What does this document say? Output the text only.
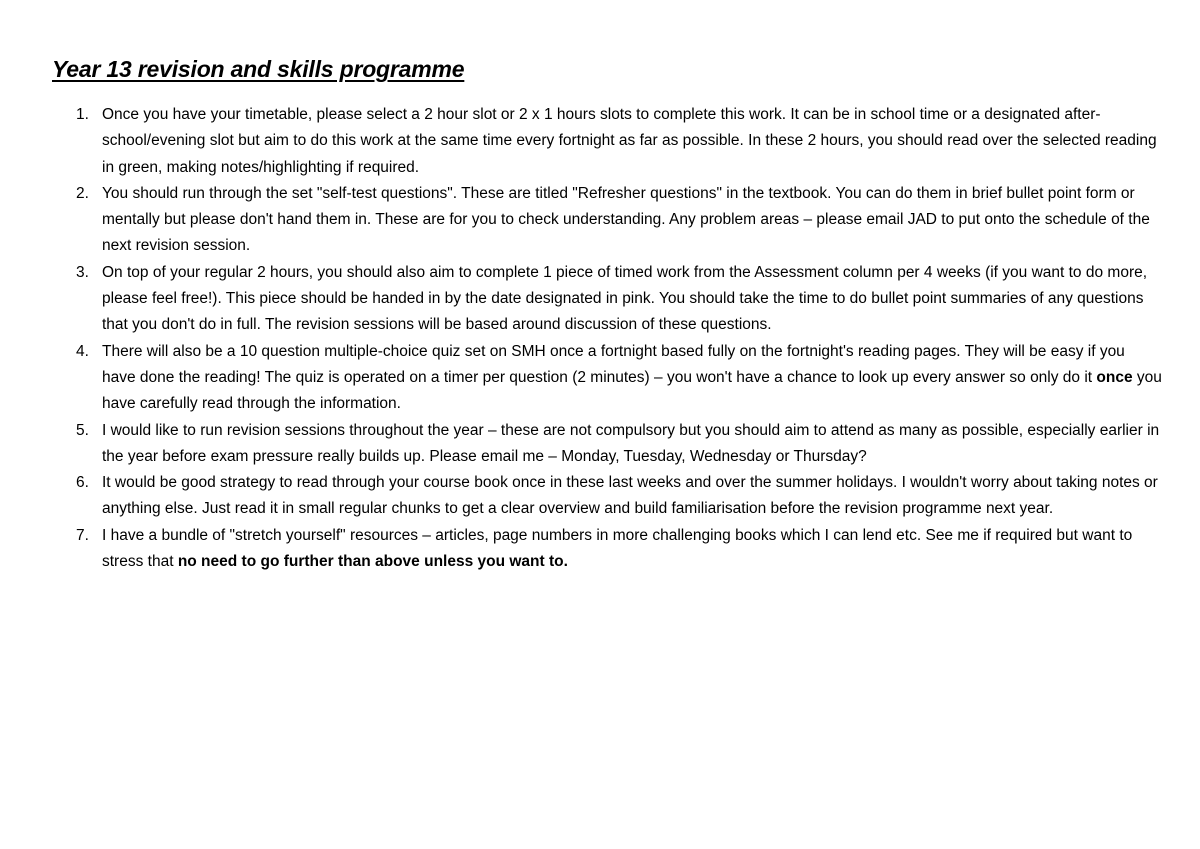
Year 13 revision and skills programme
1. Once you have your timetable, please select a 2 hour slot or 2 x 1 hours slots to complete this work. It can be in school time or a designated after-school/evening slot but aim to do this work at the same time every fortnight as far as possible. In these 2 hours, you should read over the selected reading in green, making notes/highlighting if required.
2. You should run through the set "self-test questions". These are titled "Refresher questions" in the textbook. You can do them in brief bullet point form or mentally but please don't hand them in. These are for you to check understanding. Any problem areas – please email JAD to put onto the schedule of the next revision session.
3. On top of your regular 2 hours, you should also aim to complete 1 piece of timed work from the Assessment column per 4 weeks (if you want to do more, please feel free!). This piece should be handed in by the date designated in pink. You should take the time to do bullet point summaries of any questions that you don't do in full. The revision sessions will be based around discussion of these questions.
4. There will also be a 10 question multiple-choice quiz set on SMH once a fortnight based fully on the fortnight's reading pages. They will be easy if you have done the reading! The quiz is operated on a timer per question (2 minutes) – you won't have a chance to look up every answer so only do it once you have carefully read through the information.
5. I would like to run revision sessions throughout the year – these are not compulsory but you should aim to attend as many as possible, especially earlier in the year before exam pressure really builds up. Please email me – Monday, Tuesday, Wednesday or Thursday?
6. It would be good strategy to read through your course book once in these last weeks and over the summer holidays. I wouldn't worry about taking notes or anything else. Just read it in small regular chunks to get a clear overview and build familiarisation before the revision programme next year.
7. I have a bundle of "stretch yourself" resources – articles, page numbers in more challenging books which I can lend etc. See me if required but want to stress that no need to go further than above unless you want to.
